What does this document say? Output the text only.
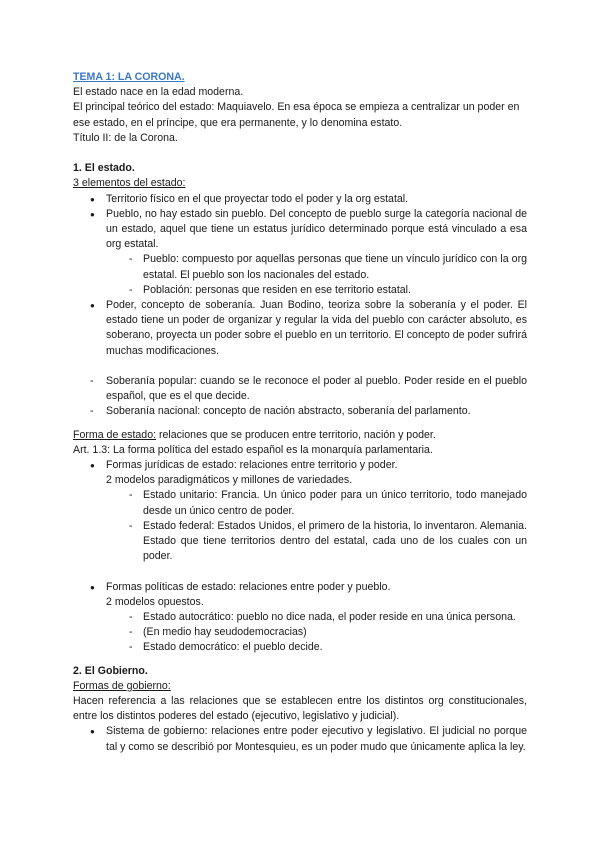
TEMA 1: LA CORONA.

El estado nace en la edad moderna.

El principal teórico del estado: Maquiavelo. En esa época se empieza a centralizar un poder en ese estado, en el príncipe, que era permanente, y lo denomina estato.

Título II: de la Corona.

1. El estado.

3 elementos del estado:

● Territorio físico en el que proyectar todo el poder y la org estatal.

● Pueblo, no hay estado sin pueblo. Del concepto de pueblo surge la categoría nacional de un estado, aquel que tiene un estatus jurídico determinado porque está vinculado a esa org estatal.

- Pueblo: compuesto por aquellas personas que tiene un vínculo jurídico con la org estatal. El pueblo son los nacionales del estado.

- Población: personas que residen en ese territorio estatal.

● Poder, concepto de soberanía. Juan Bodino, teoriza sobre la soberanía y el poder. El estado tiene un poder de organizar y regular la vida del pueblo con carácter absoluto, es soberano, proyecta un poder sobre el pueblo en un territorio. El concepto de poder sufrirá muchas modificaciones.

- Soberanía popular: cuando se le reconoce el poder al pueblo. Poder reside en el pueblo español, que es el que decide.

- Soberanía nacional: concepto de nación abstracto, soberanía del parlamento.

Forma de estado: relaciones que se producen entre territorio, nación y poder.

Art. 1.3: La forma política del estado español es la monarquía parlamentaria.

● Formas jurídicas de estado: relaciones entre territorio y poder.

2 modelos paradigmáticos y millones de variedades.

- Estado unitario: Francia. Un único poder para un único territorio, todo manejado desde un único centro de poder.

- Estado federal: Estados Unidos, el primero de la historia, lo inventaron. Alemania. Estado que tiene territorios dentro del estatal, cada uno de los cuales con un poder.

● Formas políticas de estado: relaciones entre poder y pueblo.

2 modelos opuestos.

- Estado autocrático: pueblo no dice nada, el poder reside en una única persona.

- (En medio hay seudodemocracias)

- Estado democrático: el pueblo decide.

2. El Gobierno.

Formas de gobierno:

Hacen referencia a las relaciones que se establecen entre los distintos org constitucionales, entre los distintos poderes del estado (ejecutivo, legislativo y judicial).

● Sistema de gobierno: relaciones entre poder ejecutivo y legislativo. El judicial no porque tal y como se describió por Montesquieu, es un poder mudo que únicamente aplica la ley.
